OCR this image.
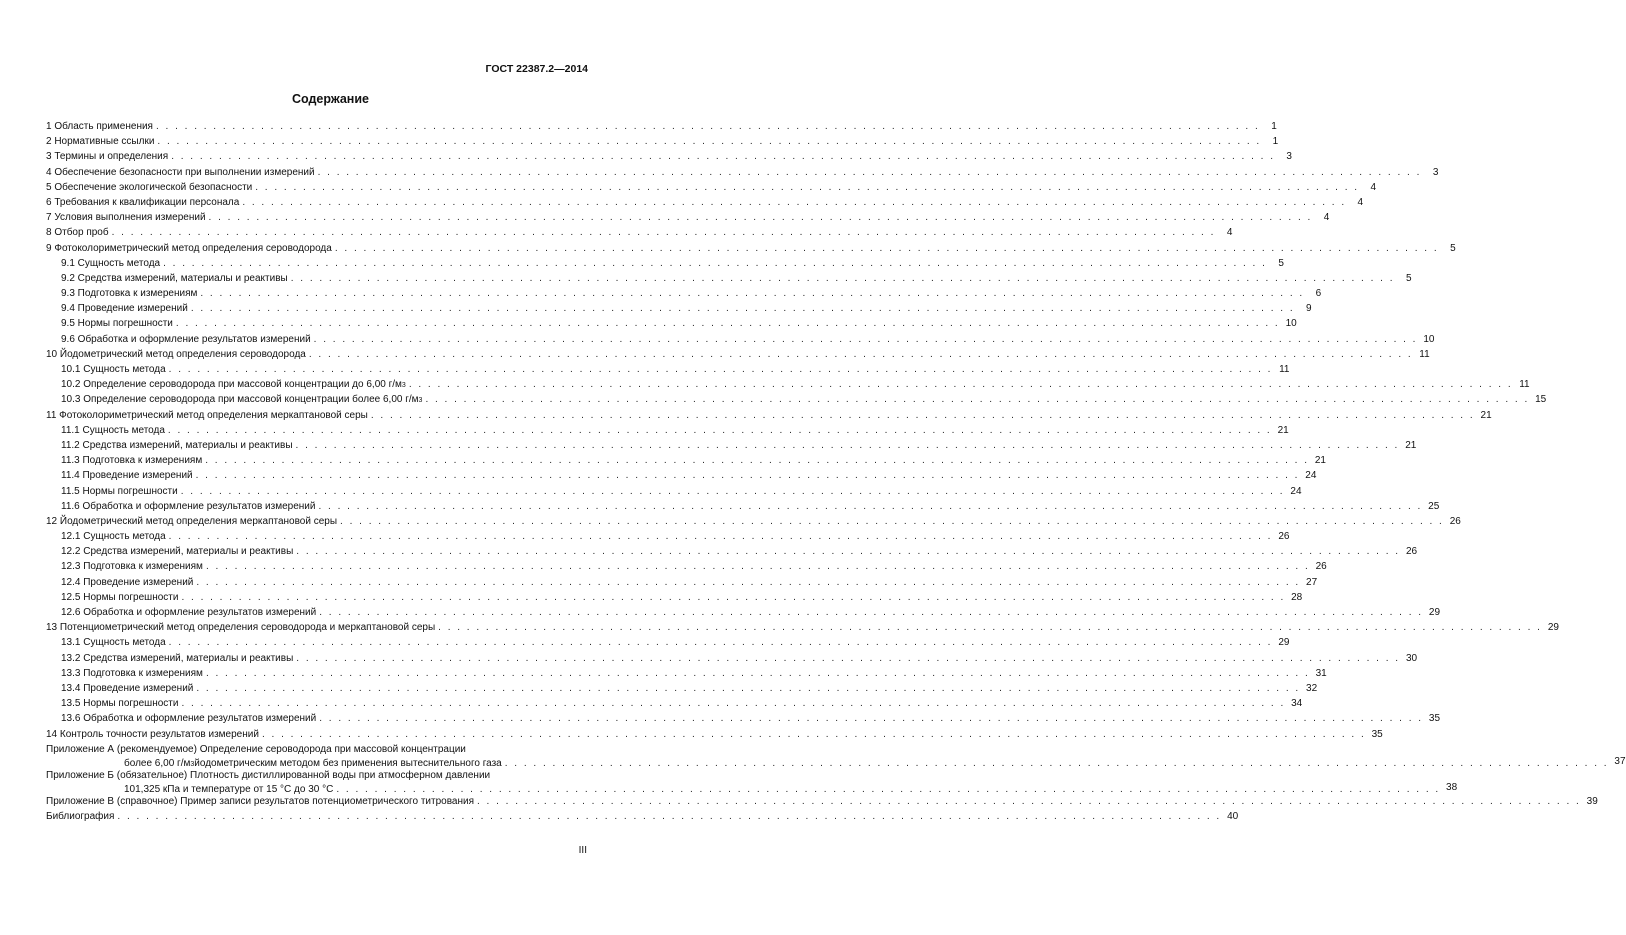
ГОСТ 22387.2—2014
Содержание
1 Область применения . . .	1
2 Нормативные ссылки . . .	1
3 Термины и определения . . .	3
4 Обеспечение безопасности при выполнении измерений . . .	3
5 Обеспечение экологической безопасности . . .	4
6 Требования к квалификации персонала . . .	4
7 Условия выполнения измерений . . .	4
8 Отбор проб . . .	4
9 Фотоколориметрический метод определения сероводорода . . .	5
9.1 Сущность метода . . .	5
9.2 Средства измерений, материалы и реактивы . . .	5
9.3 Подготовка к измерениям . . .	6
9.4 Проведение измерений . . .	9
9.5 Нормы погрешности . . .	10
9.6 Обработка и оформление результатов измерений . . .	10
10 Йодометрический метод определения сероводорода . . .	11
10.1 Сущность метода . . .	11
10.2 Определение сероводорода при массовой концентрации до 6,00 г/м 3 . . .	11
10.3 Определение сероводорода при массовой концентрации более 6,00 г/м 3 . . .	15
11 Фотоколориметрический метод определения меркаптановой серы . . .	21
11.1 Сущность метода . . .	21
11.2 Средства измерений, материалы и реактивы . . .	21
11.3 Подготовка к измерениям . . .	21
11.4 Проведение измерений . . .	24
11.5 Нормы погрешности . . .	24
11.6 Обработка и оформление результатов измерений . . .	25
12 Йодометрический метод определения меркаптановой серы . . .	26
12.1 Сущность метода . . .	26
12.2 Средства измерений, материалы и реактивы . . .	26
12.3 Подготовка к измерениям . . .	26
12.4 Проведение измерений . . .	27
12.5 Нормы погрешности . . .	28
12.6 Обработка и оформление результатов измерений . . .	29
13 Потенциометрический метод определения сероводорода и меркаптановой серы . . .	29
13.1 Сущность метода . . .	29
13.2 Средства измерений, материалы и реактивы . . .	30
13.3 Подготовка к измерениям . . .	31
13.4 Проведение измерений . . .	32
13.5 Нормы погрешности . . .	34
13.6 Обработка и оформление результатов измерений . . .	35
14 Контроль точности результатов измерений . . .	35
Приложение А (рекомендуемое) Определение сероводорода при массовой концентрации
более 6,00 г/м 3 йодометрическим методом без применения вытеснительного газа . . .	37
Приложение Б (обязательное) Плотность дистиллированной воды при атмосферном давлении
101,325 кПа и температуре от 15 °C до 30 °C . . .	38
Приложение В (справочное) Пример записи результатов потенциометрического титрования . . .	39
Библиография . . .	40
III
